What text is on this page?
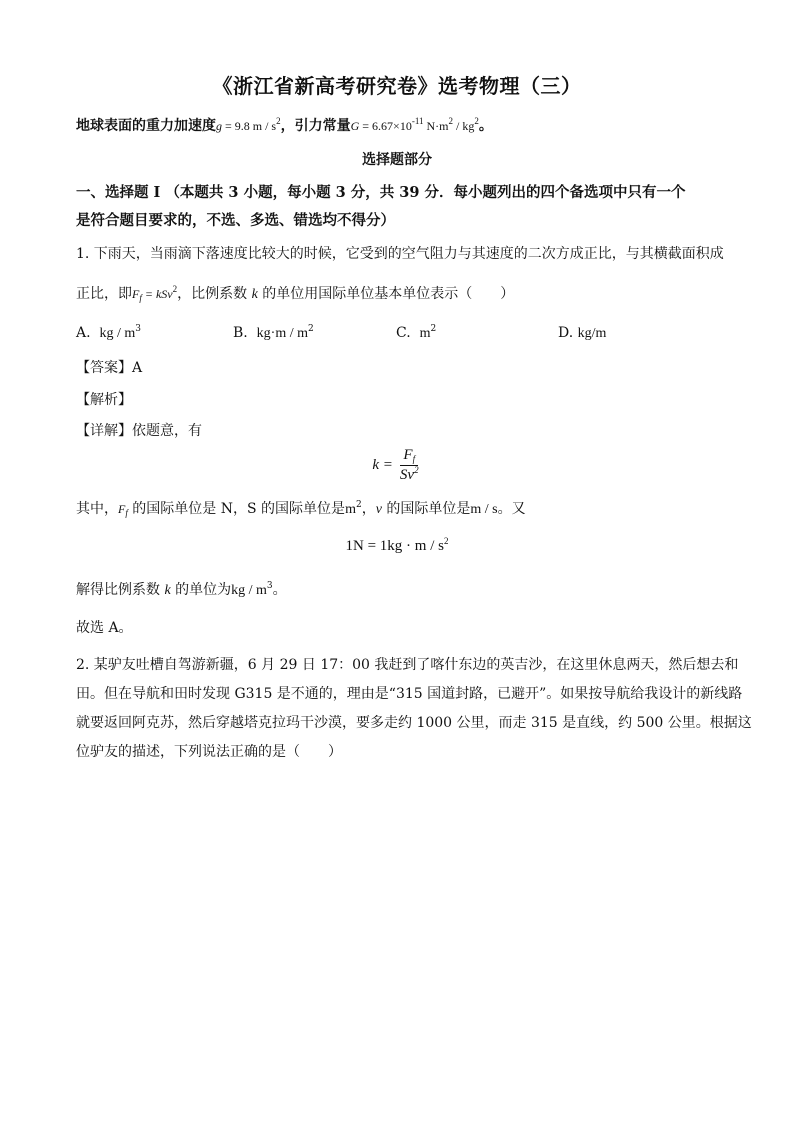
《浙江省新高考研究卷》选考物理（三）
地球表面的重力加速度g = 9.8 m / $s^2$，引力常量$G = 6.67\times 10^{-11}$ $N\cdot m^2 / kg^2$。
选择题部分
一、选择题 I （本题共 3 小题，每小题 3 分，共 39 分．每小题列出的四个备选项中只有一个
是符合题目要求的，不选、多选、错选均不得分）
1. 下雨天，当雨滴下落速度比较大的时候，它受到的空气阻力与其速度的二次方成正比，与其横截面积成
正比，即$F_f = kSv^2$，比例系数 k 的单位用国际单位基本单位表示（　　）
A. kg / $m^3$	B. $kg\cdot m / m^2$	C. $m^2$	D. kg/m
【答案】A
【解析】
【详解】依题意，有
$k = \frac{F_f}{Sv^2}$
其中，$F_f$ 的国际单位是 N，S 的国际单位是$m^2$，v 的国际单位是m / s。又
$1N = 1kg \cdot m / s^2$
解得比例系数 k 的单位为kg / $m^3$。
故选 A。
2. 某驴友吐槽自驾游新疆，6 月 29 日 17：00 我赶到了喀什东边的英吉沙，在这里休息两天，然后想去和
田。但在导航和田时发现 G315 是不通的，理由是“315 国道封路，已避开”。如果按导航给我设计的新线路
就要返回阿克苏，然后穿越塔克拉玛干沙漠，要多走约 1000 公里，而走 315 是直线，约 500 公里。根据这
位驴友的描述，下列说法正确的是（　　）
